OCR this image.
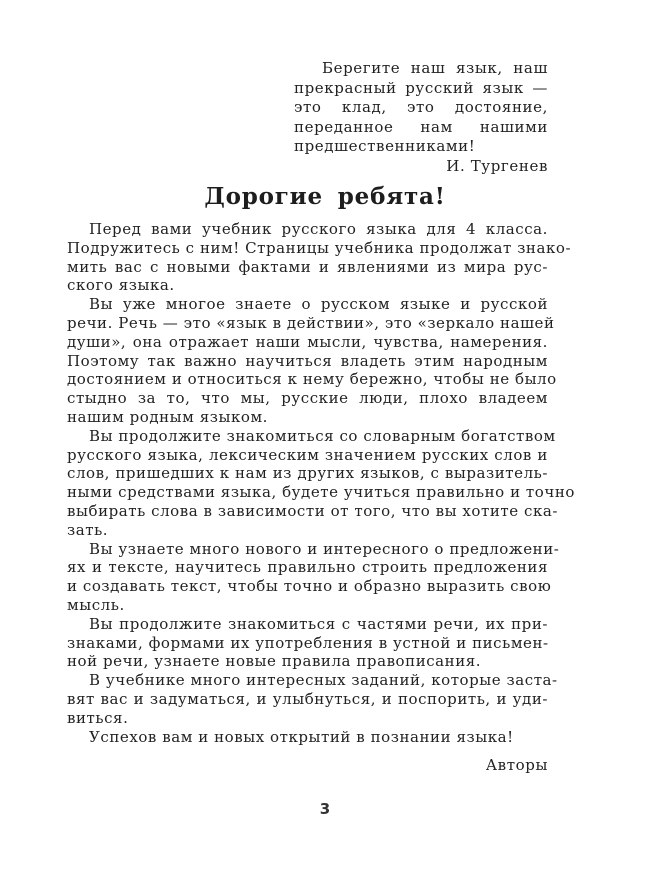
Берегите наш язык, наш
прекрасный русский язык —
это клад, это достояние,
переданное нам нашими
предшественниками!
И. Тургенев
Дорогие ребята!
Перед вами учебник русского языка для 4 класса.
Подружитесь с ним! Страницы учебника продолжат знако-
мить вас с новыми фактами и явлениями из мира рус-
ского языка.
Вы уже многое знаете о русском языке и русской
речи. Речь — это «язык в действии», это «зеркало нашей
души», она отражает наши мысли, чувства, намерения.
Поэтому так важно научиться владеть этим народным
достоянием и относиться к нему бережно, чтобы не было
стыдно за то, что мы, русские люди, плохо владеем
нашим родным языком.
Вы продолжите знакомиться со словарным богатством
русского языка, лексическим значением русских слов и
слов, пришедших к нам из других языков, с выразитель-
ными средствами языка, будете учиться правильно и точно
выбирать слова в зависимости от того, что вы хотите ска-
зать.
Вы узнаете много нового и интересного о предложени-
ях и тексте, научитесь правильно строить предложения
и создавать текст, чтобы точно и образно выразить свою
мысль.
Вы продолжите знакомиться с частями речи, их при-
знаками, формами их употребления в устной и письмен-
ной речи, узнаете новые правила правописания.
В учебнике много интересных заданий, которые заста-
вят вас и задуматься, и улыбнуться, и поспорить, и уди-
виться.
Успехов вам и новых открытий в познании языка!
Авторы
3
